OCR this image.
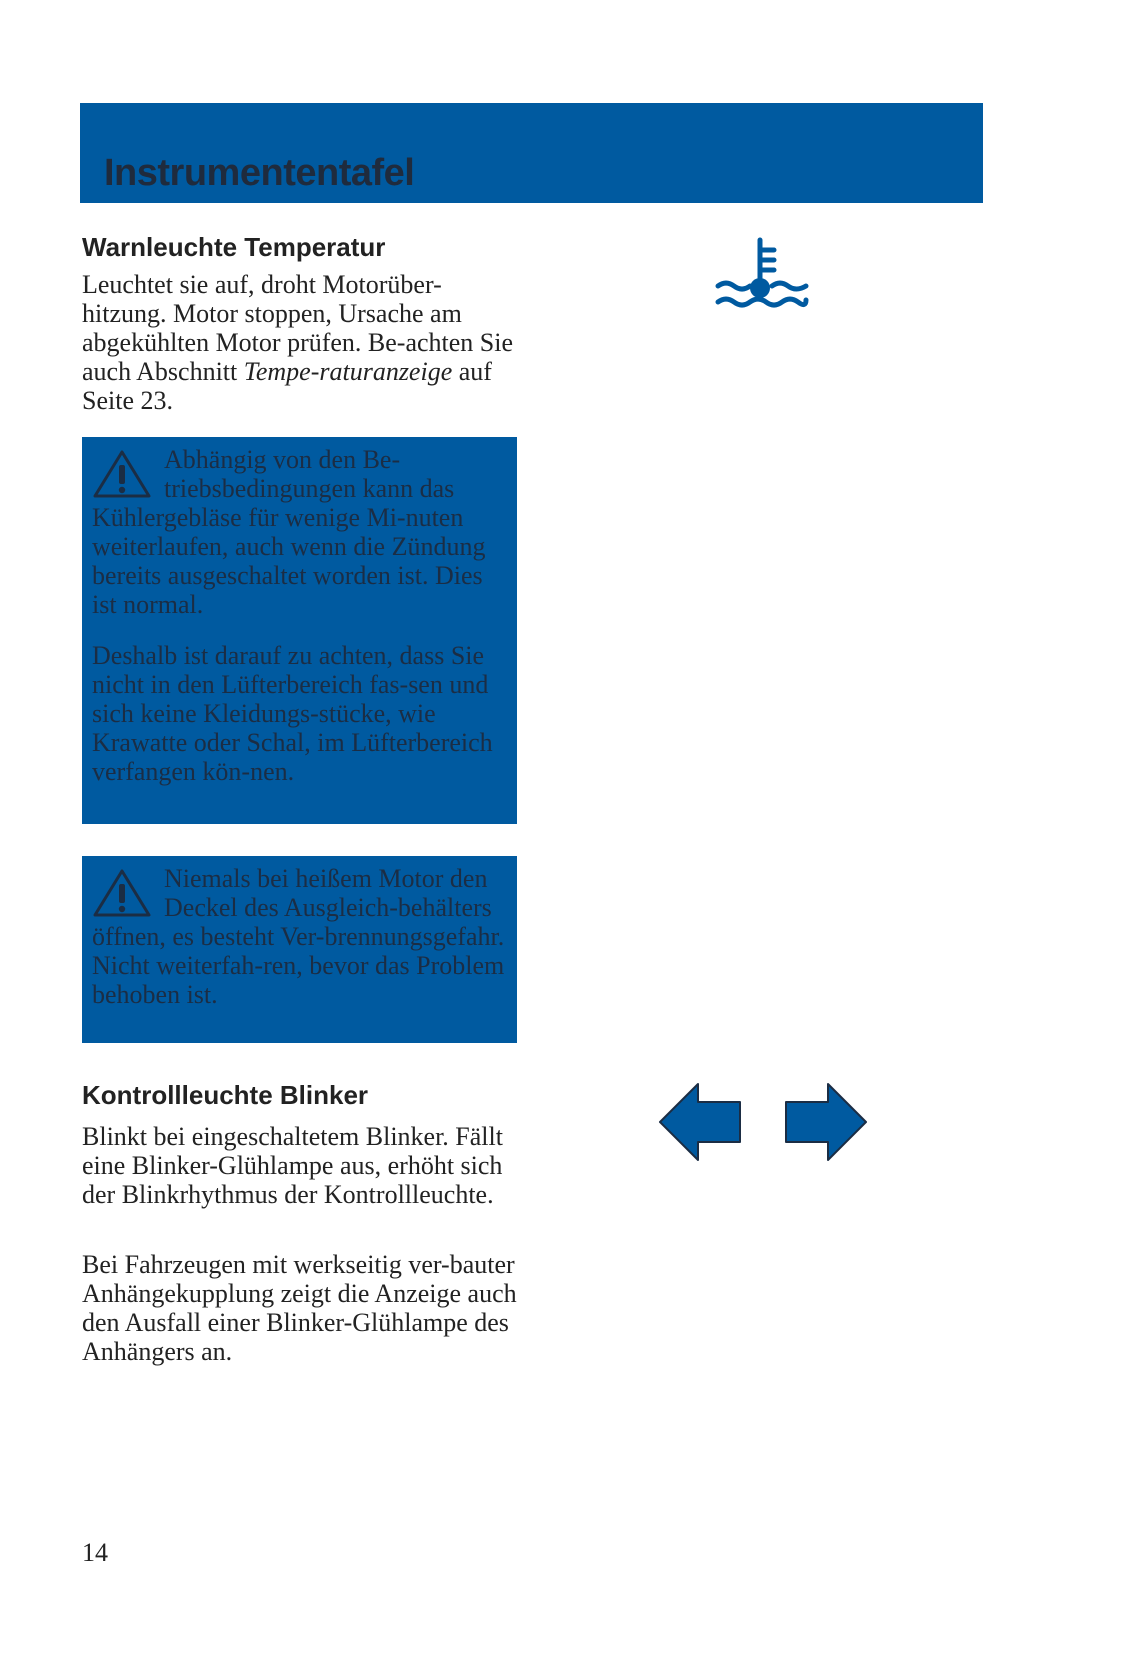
Instrumententafel
Warnleuchte Temperatur

Leuchtet sie auf, droht Motorüber-hitzung. Motor stoppen, Ursache am abgekühlten Motor prüfen. Be-achten Sie auch Abschnitt Tempe-raturanzeige auf Seite 23.

Abhängig von den Be-triebsbedingungen kann das Kühlergebläse für wenige Mi-nuten weiterlaufen, auch wenn die Zündung bereits ausgeschaltet worden ist. Dies ist normal.

Deshalb ist darauf zu achten, dass Sie nicht in den Lüfterbereich fas-sen und sich keine Kleidungs-stücke, wie Krawatte oder Schal, im Lüfterbereich verfangen kön-nen.

Niemals bei heißem Motor den Deckel des Ausgleich-behälters öffnen, es besteht Ver-brennungsgefahr. Nicht weiterfah-ren, bevor das Problem behoben ist.

Kontrollleuchte Blinker

Blinkt bei eingeschaltetem Blinker. Fällt eine Blinker-Glühlampe aus, erhöht sich der Blinkrhythmus der Kontrollleuchte.

Bei Fahrzeugen mit werkseitig ver-bauter Anhängekupplung zeigt die Anzeige auch den Ausfall einer Blinker-Glühlampe des Anhängers an.

14
